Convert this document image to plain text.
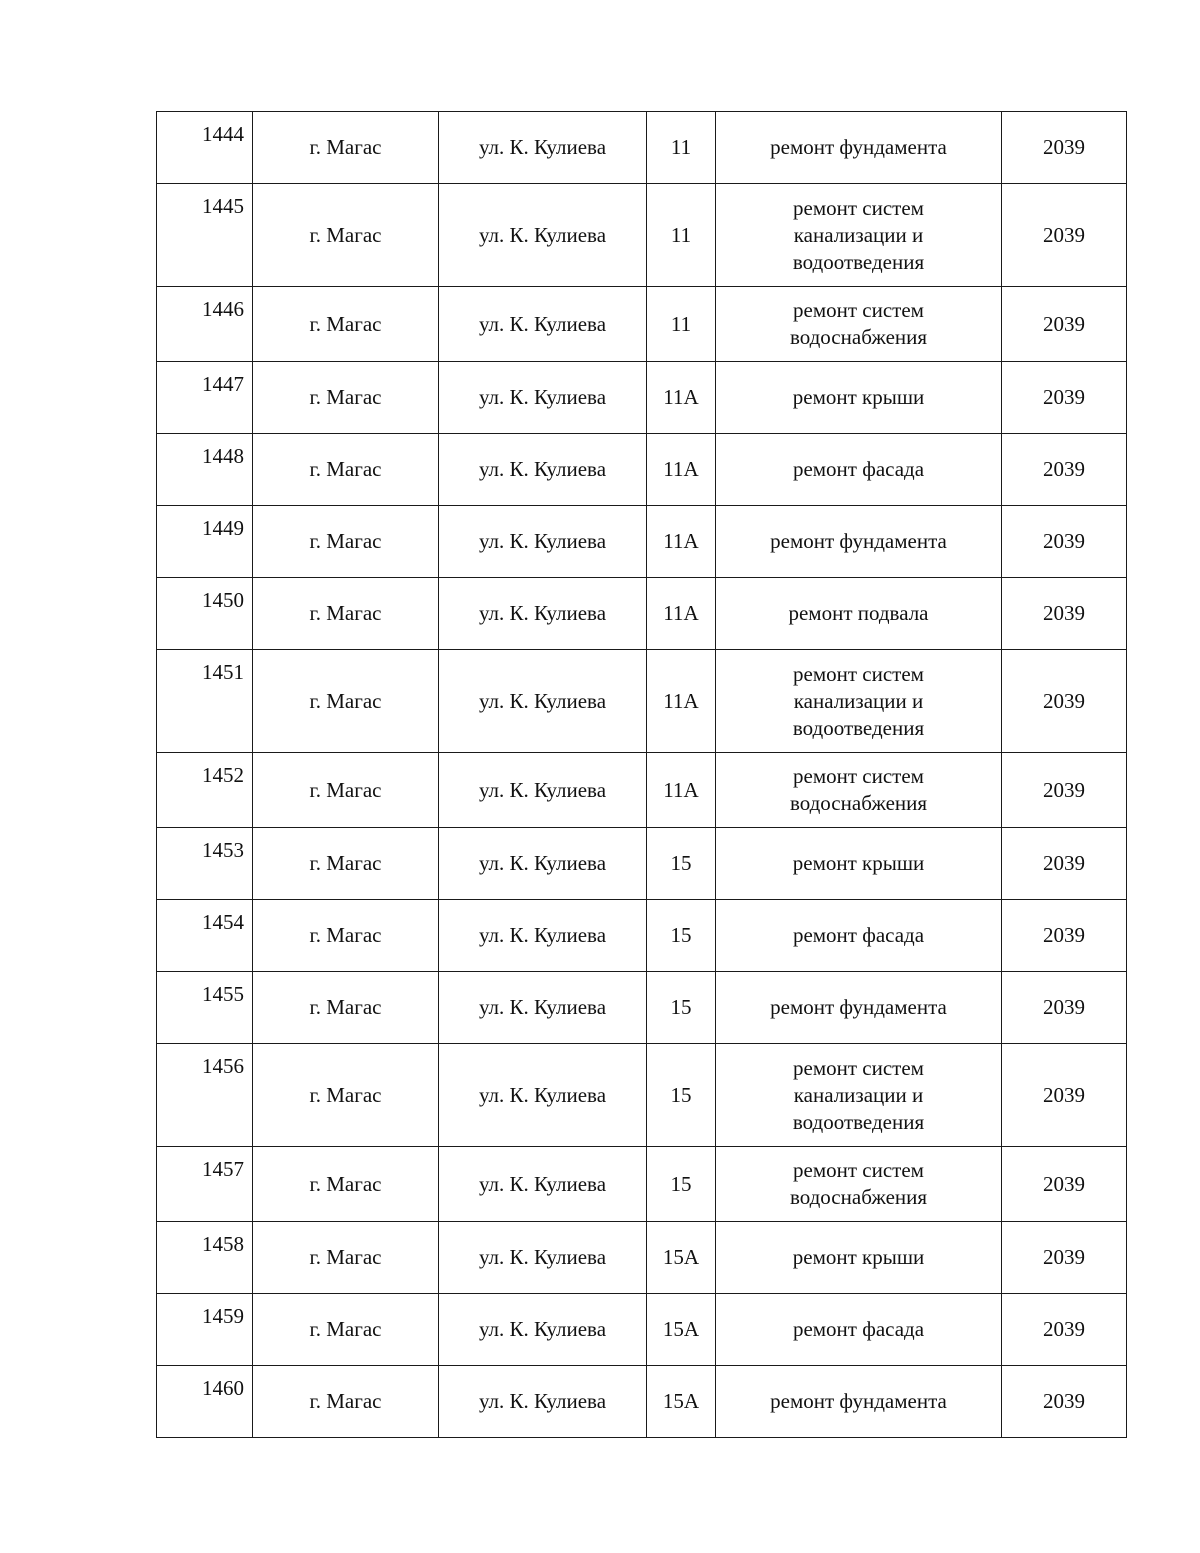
1444	г. Магас	ул. К. Кулиева	11	ремонт фундамента	2039
1445	г. Магас	ул. К. Кулиева	11	ремонт систем
канализации и
водоотведения	2039
1446	г. Магас	ул. К. Кулиева	11	ремонт систем
водоснабжения	2039
1447	г. Магас	ул. К. Кулиева	11А	ремонт крыши	2039
1448	г. Магас	ул. К. Кулиева	11А	ремонт фасада	2039
1449	г. Магас	ул. К. Кулиева	11А	ремонт фундамента	2039
1450	г. Магас	ул. К. Кулиева	11А	ремонт подвала	2039
1451	г. Магас	ул. К. Кулиева	11А	ремонт систем
канализации и
водоотведения	2039
1452	г. Магас	ул. К. Кулиева	11А	ремонт систем
водоснабжения	2039
1453	г. Магас	ул. К. Кулиева	15	ремонт крыши	2039
1454	г. Магас	ул. К. Кулиева	15	ремонт фасада	2039
1455	г. Магас	ул. К. Кулиева	15	ремонт фундамента	2039
1456	г. Магас	ул. К. Кулиева	15	ремонт систем
канализации и
водоотведения	2039
1457	г. Магас	ул. К. Кулиева	15	ремонт систем
водоснабжения	2039
1458	г. Магас	ул. К. Кулиева	15А	ремонт крыши	2039
1459	г. Магас	ул. К. Кулиева	15А	ремонт фасада	2039
1460	г. Магас	ул. К. Кулиева	15А	ремонт фундамента	2039
